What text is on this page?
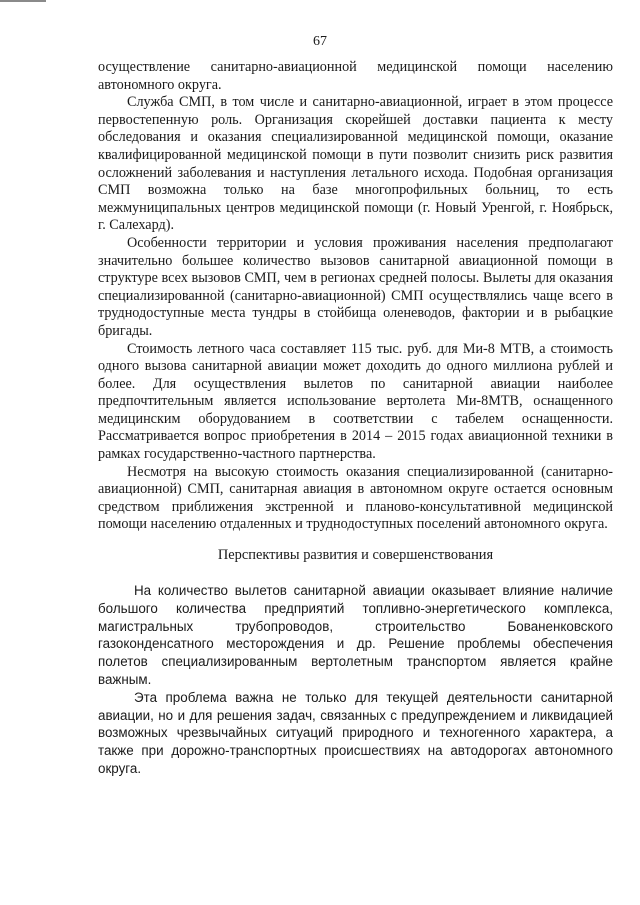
67

осуществление санитарно-авиационной медицинской помощи населению автономного округа.

Служба СМП, в том числе и санитарно-авиационной, играет в этом процессе первостепенную роль. Организация скорейшей доставки пациента к месту обследования и оказания специализированной медицинской помощи, оказание квалифицированной медицинской помощи в пути позволит снизить риск развития осложнений заболевания и наступления летального исхода. Подобная организация СМП возможна только на базе многопрофильных больниц, то есть межмуниципальных центров медицинской помощи (г. Новый Уренгой, г. Ноябрьск, г. Салехард).

Особенности территории и условия проживания населения предполагают значительно большее количество вызовов санитарной авиационной помощи в структуре всех вызовов СМП, чем в регионах средней полосы. Вылеты для оказания специализированной (санитарно-авиационной) СМП осуществлялись чаще всего в труднодоступные места тундры в стойбища оленеводов, фактории и в рыбацкие бригады.

Стоимость летного часа составляет 115 тыс. руб. для Ми-8 МТВ, а стоимость одного вызова санитарной авиации может доходить до одного миллиона рублей и более. Для осуществления вылетов по санитарной авиации наиболее предпочтительным является использование вертолета Ми-8МТВ, оснащенного медицинским оборудованием в соответствии с табелем оснащенности. Рассматривается вопрос приобретения в 2014 – 2015 годах авиационной техники в рамках государственно-частного партнерства.

Несмотря на высокую стоимость оказания специализированной (санитарно-авиационной) СМП, санитарная авиация в автономном округе остается основным средством приближения экстренной и планово-консультативной медицинской помощи населению отдаленных и труднодоступных поселений автономного округа.

Перспективы развития и совершенствования

На количество вылетов санитарной авиации оказывает влияние наличие большого количества предприятий топливно-энергетического комплекса, магистральных трубопроводов, строительство Бованенковского газоконденсатного месторождения и др. Решение проблемы обеспечения полетов специализированным вертолетным транспортом является крайне важным.

Эта проблема важна не только для текущей деятельности санитарной авиации, но и для решения задач, связанных с предупреждением и ликвидацией возможных чрезвычайных ситуаций природного и техногенного характера, а также при дорожно-транспортных происшествиях на автодорогах автономного округа.
